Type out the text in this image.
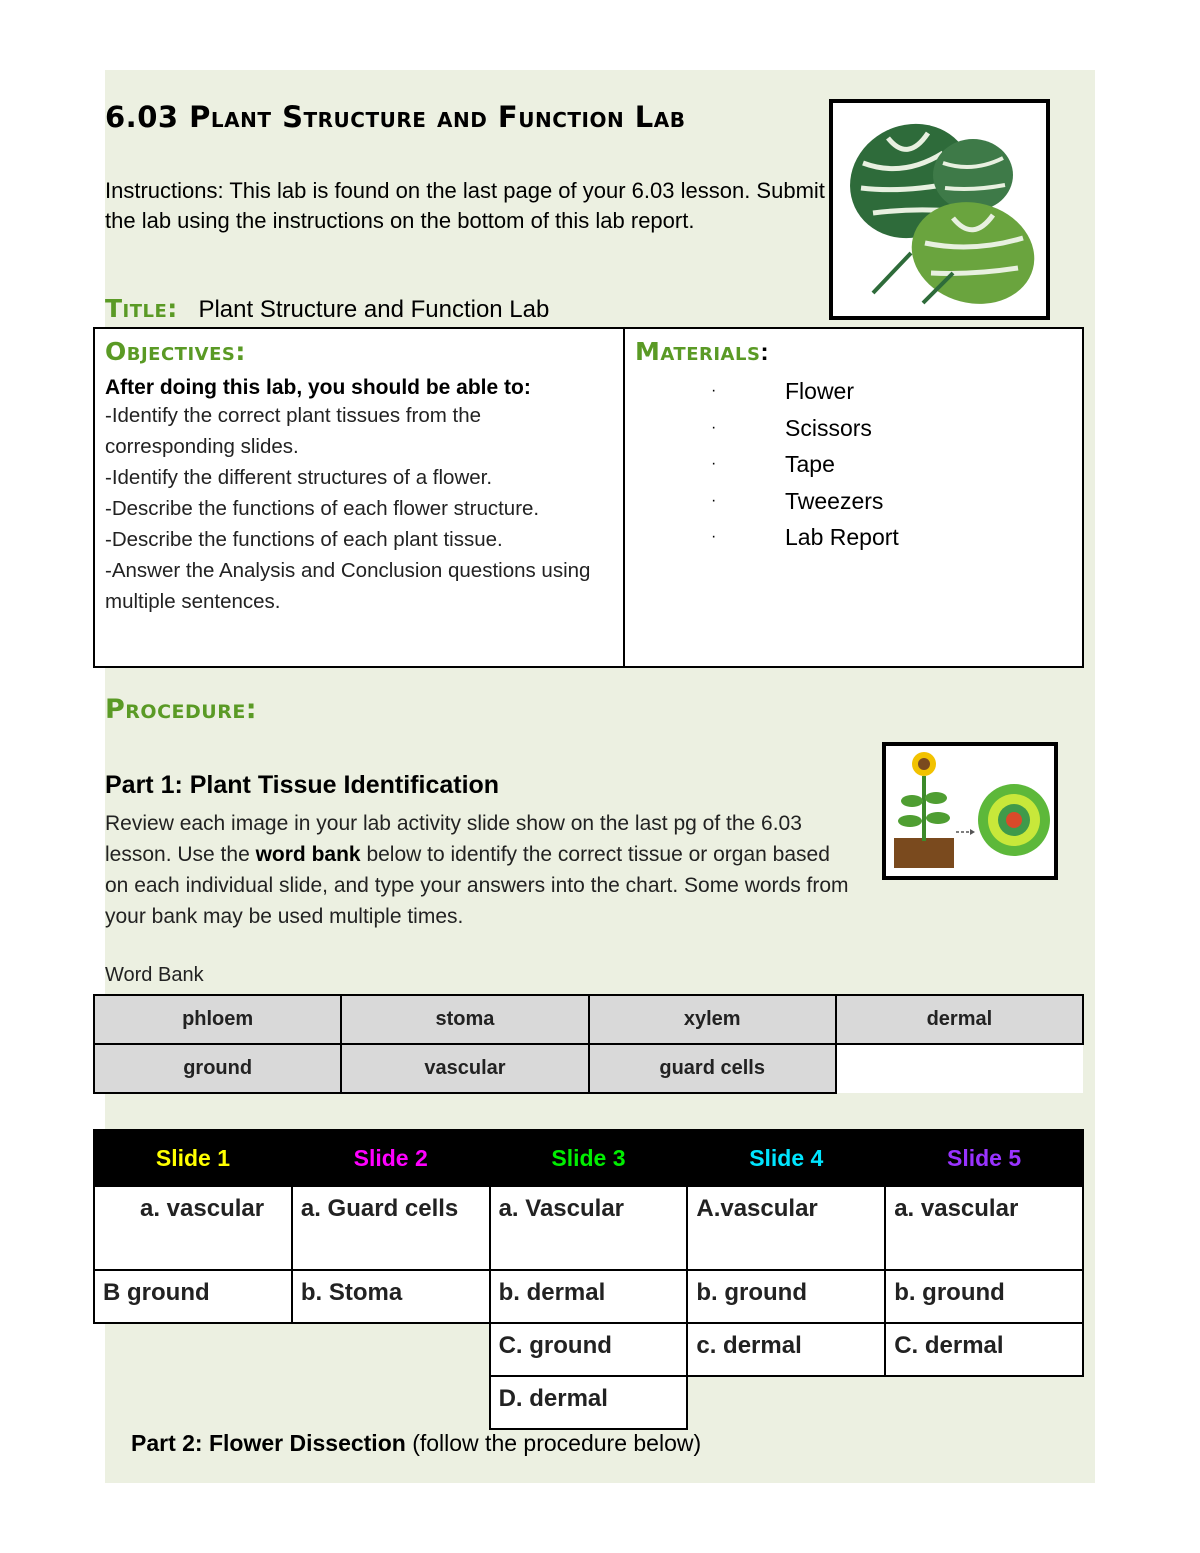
6.03 Plant Structure and Function Lab
Instructions: This lab is found on the last page of your 6.03 lesson. Submit the lab using the instructions on the bottom of this lab report.
Title: Plant Structure and Function Lab
Objectives:
After doing this lab, you should be able to:
-Identify the correct plant tissues from the corresponding slides.
-Identify the different structures of a flower.
-Describe the functions of each flower structure.
-Describe the functions of each plant tissue.
-Answer the Analysis and Conclusion questions using multiple sentences.
Materials:
·	Flower
·	Scissors
·	Tape
·	Tweezers
·	Lab Report
Procedure:
Part 1: Plant Tissue Identification
Review each image in your lab activity slide show on the last pg of the 6.03 lesson. Use the word bank below to identify the correct tissue or organ based on each individual slide, and type your answers into the chart. Some words from your bank may be used multiple times.
Word Bank
phloem	stoma	xylem	dermal
ground	vascular	guard cells	
Slide 1	Slide 2	Slide 3	Slide 4	Slide 5
a. vascular	a. Guard cells	a. Vascular	A.vascular	a. vascular
B ground	b. Stoma	b. dermal	b. ground	b. ground
		C. ground	c. dermal	C. dermal
		D. dermal		
Part 2: Flower Dissection (follow the procedure below)
